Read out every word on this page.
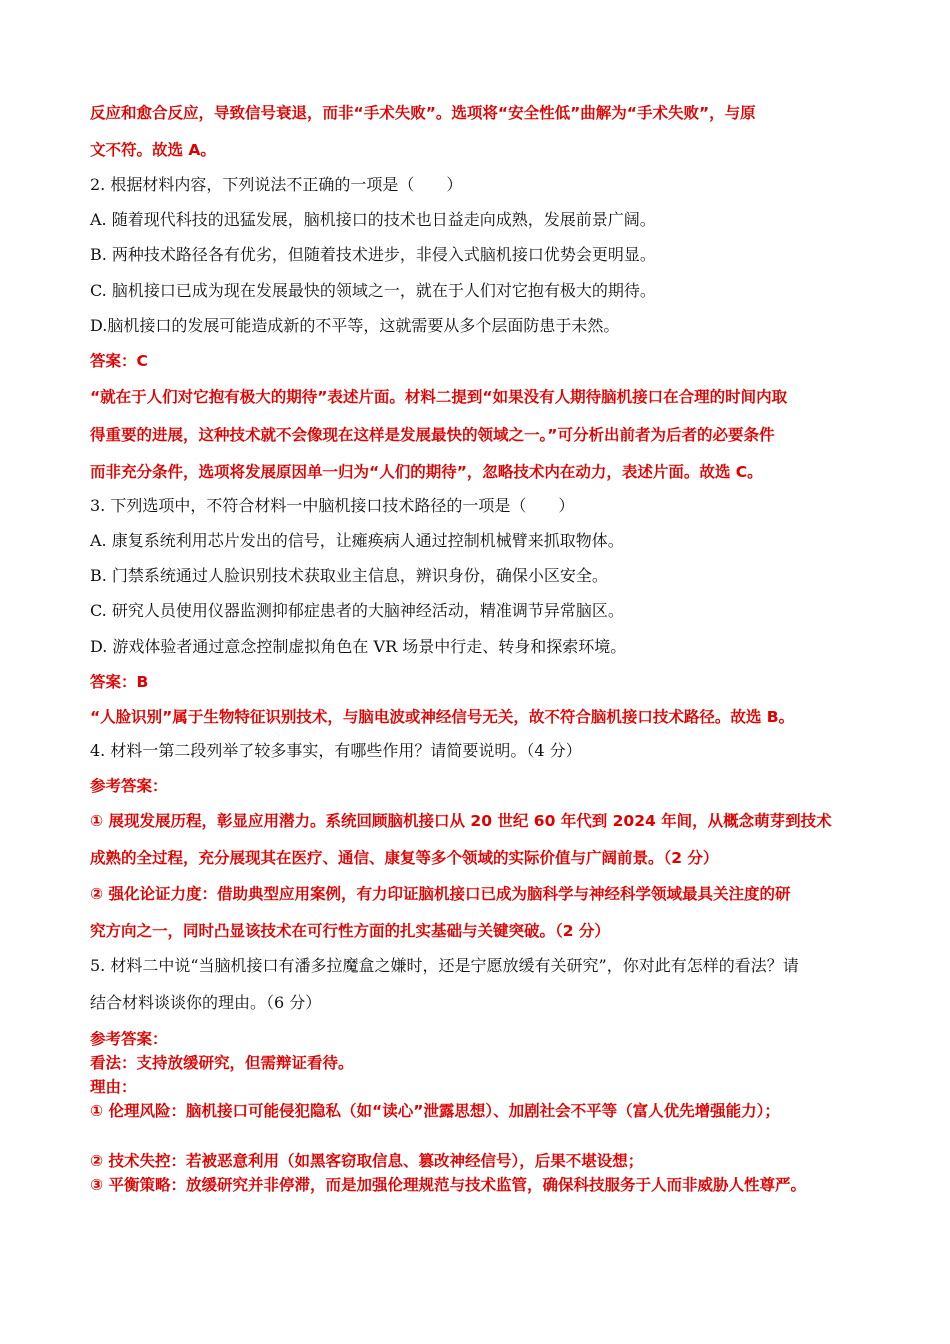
反应和愈合反应，导致信号衰退，而非“手术失败”。选项将“安全性低”曲解为“手术失败”，与原
文不符。故选 A。
2. 根据材料内容，下列说法不正确的一项是（　　）
A. 随着现代科技的迅猛发展，脑机接口的技术也日益走向成熟，发展前景广阔。
B. 两种技术路径各有优劣，但随着技术进步，非侵入式脑机接口优势会更明显。
C. 脑机接口已成为现在发展最快的领域之一，就在于人们对它抱有极大的期待。
D.脑机接口的发展可能造成新的不平等，这就需要从多个层面防患于未然。
答案：C
“就在于人们对它抱有极大的期待”表述片面。材料二提到“如果没有人期待脑机接口在合理的时间内取
得重要的进展，这种技术就不会像现在这样是发展最快的领域之一。”可分析出前者为后者的必要条件
而非充分条件，选项将发展原因单一归为“人们的期待”，忽略技术内在动力，表述片面。故选 C。
3. 下列选项中，不符合材料一中脑机接口技术路径的一项是（　　）
A. 康复系统利用芯片发出的信号，让瘫痪病人通过控制机械臂来抓取物体。
B. 门禁系统通过人脸识别技术获取业主信息，辨识身份，确保小区安全。
C. 研究人员使用仪器监测抑郁症患者的大脑神经活动，精准调节异常脑区。
D. 游戏体验者通过意念控制虚拟角色在 VR 场景中行走、转身和探索环境。
答案：B
“人脸识别”属于生物特征识别技术，与脑电波或神经信号无关，故不符合脑机接口技术路径。故选 B。
4. 材料一第二段列举了较多事实，有哪些作用？请简要说明。（4 分）
参考答案：
① 展现发展历程，彰显应用潜力。系统回顾脑机接口从 20 世纪 60 年代到 2024 年间，从概念萌芽到技术
成熟的全过程，充分展现其在医疗、通信、康复等多个领域的实际价值与广阔前景。（2 分）
② 强化论证力度：借助典型应用案例，有力印证脑机接口已成为脑科学与神经科学领域最具关注度的研
究方向之一，同时凸显该技术在可行性方面的扎实基础与关键突破。（2 分）
5. 材料二中说“当脑机接口有潘多拉魔盒之嫌时，还是宁愿放缓有关研究”，你对此有怎样的看法？请
结合材料谈谈你的理由。（6 分）
参考答案：
看法：支持放缓研究，但需辩证看待。
理由：
① 伦理风险：脑机接口可能侵犯隐私（如“读心”泄露思想）、加剧社会不平等（富人优先增强能力）；
② 技术失控：若被恶意利用（如黑客窃取信息、篡改神经信号），后果不堪设想；
③ 平衡策略：放缓研究并非停滞，而是加强伦理规范与技术监管，确保科技服务于人而非威胁人性尊严。
